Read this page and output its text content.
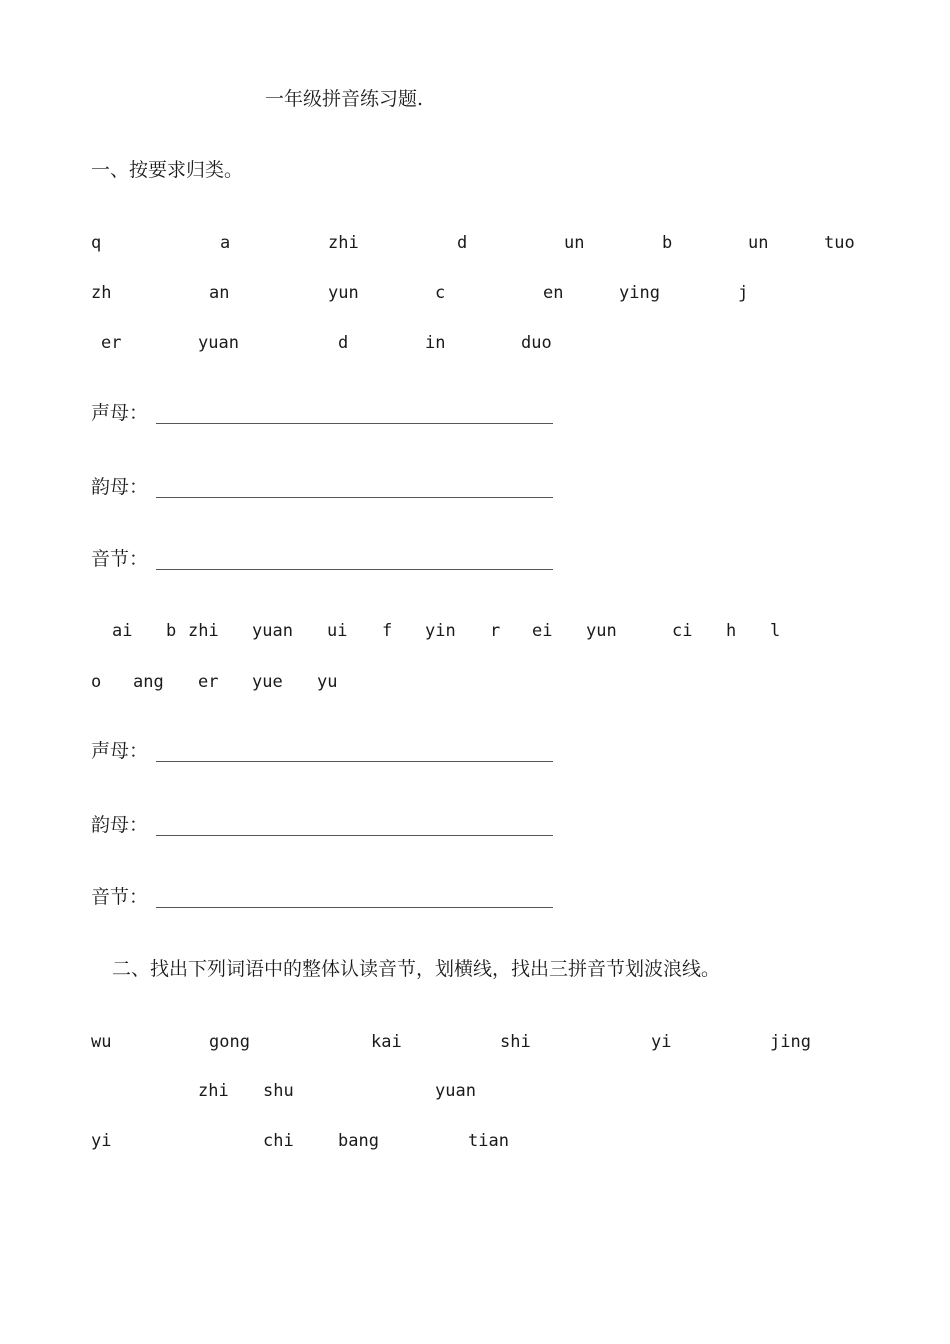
一年级拼音练习题.
一、按要求归类。
q	a	zhi	d	un	b	un	tuo
zh	an	yun	c	en	ying	j
er	yuan	d	in	duo
声母：
韵母：
音节：
ai b zhi yuan ui f yin r ei yun	ci h l
o ang er yue yu
声母：
韵母：
音节：
二、找出下列词语中的整体认读音节，划横线，找出三拼音节划波浪线。
wu	gong	kai	shi	yi	jing
zhi shu	yuan
yi	chi	bang	tian
